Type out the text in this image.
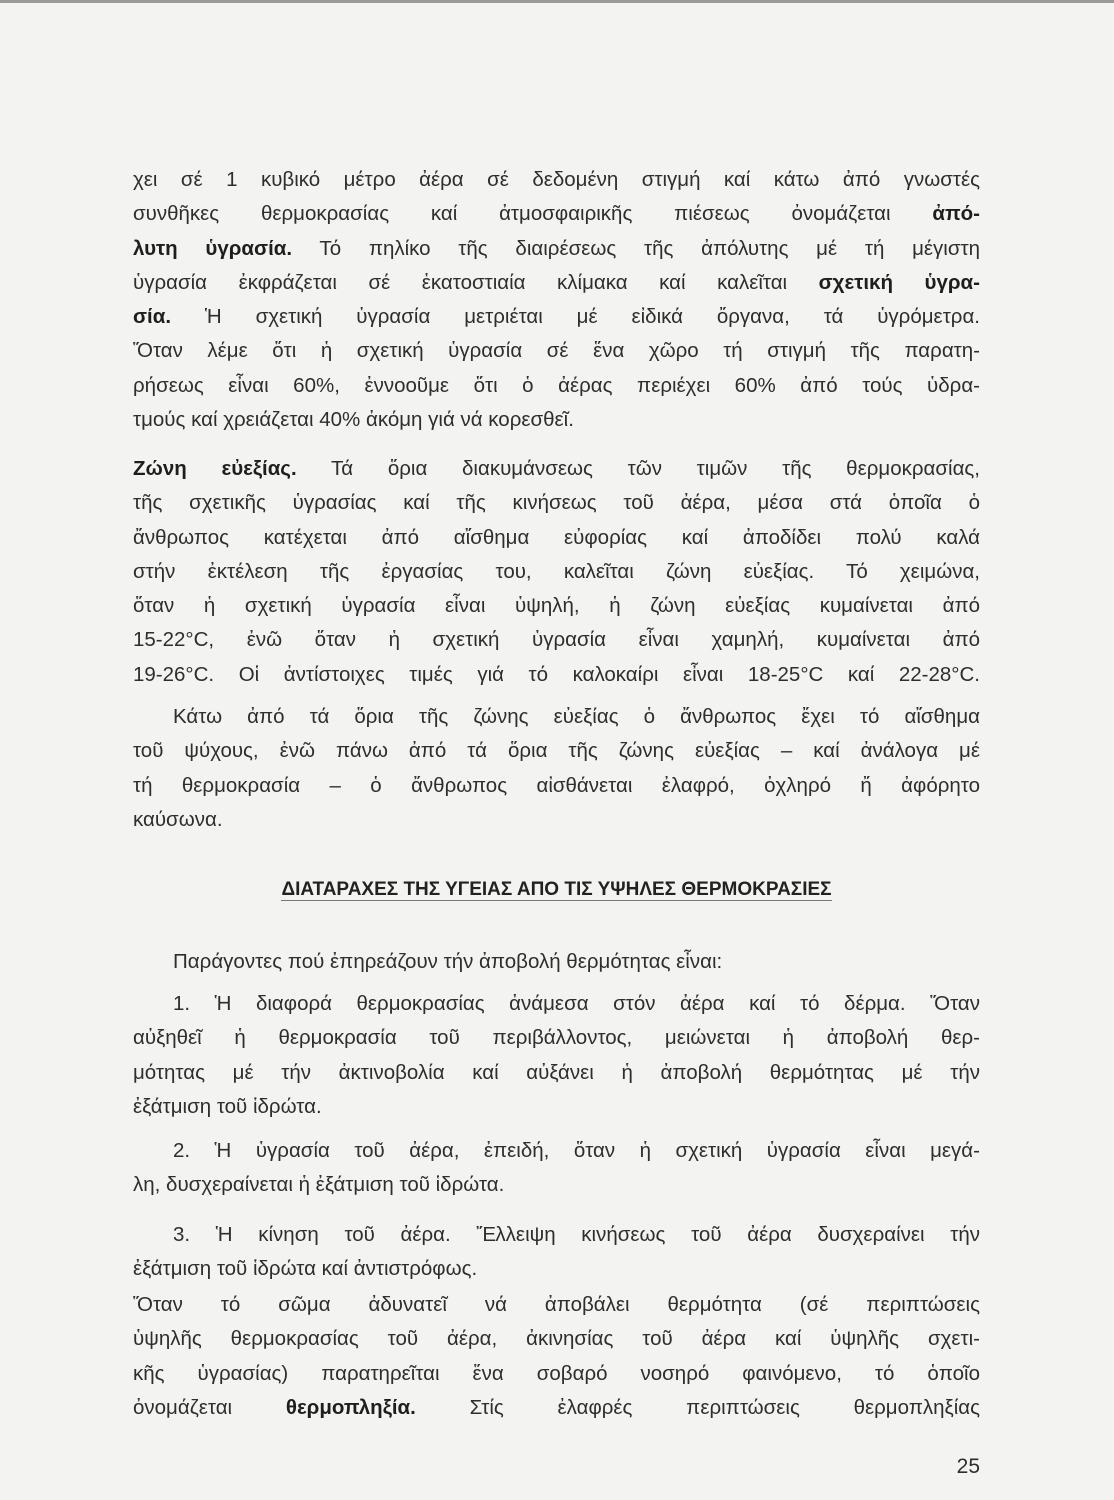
χει σέ 1 κυβικό μέτρο ἀέρα σέ δεδομένη στιγμή καί κάτω ἀπό γνωστές
συνθῆκες θερμοκρασίας καί ἀτμοσφαιρικῆς πιέσεως ὀνομάζεται ἀπό-
λυτη ὑγρασία. Τό πηλίκο τῆς διαιρέσεως τῆς ἀπόλυτης μέ τή μέγιστη
ὑγρασία ἐκφράζεται σέ ἑκατοστιαία κλίμακα καί καλεῖται σχετική ὑγρα-
σία. Ἡ σχετική ὑγρασία μετριέται μέ εἰδικά ὄργανα, τά ὑγρόμετρα.
Ὅταν λέμε ὅτι ἡ σχετική ὑγρασία σέ ἕνα χῶρο τή στιγμή τῆς παρατη-
ρήσεως εἶναι 60%, ἐννοοῦμε ὅτι ὁ ἀέρας περιέχει 60% ἀπό τούς ὑδρα-
τμούς καί χρειάζεται 40% ἀκόμη γιά νά κορεσθεῖ.
Ζώνη εὐεξίας. Τά ὅρια διακυμάνσεως τῶν τιμῶν τῆς θερμοκρασίας,
τῆς σχετικῆς ὑγρασίας καί τῆς κινήσεως τοῦ ἀέρα, μέσα στά ὁποῖα ὁ
ἄνθρωπος κατέχεται ἀπό αἴσθημα εὐφορίας καί ἀποδίδει πολύ καλά
στήν ἐκτέλεση τῆς ἐργασίας του, καλεῖται ζώνη εὐεξίας. Τό χειμώνα,
ὅταν ἡ σχετική ὑγρασία εἶναι ὑψηλή, ἡ ζώνη εὐεξίας κυμαίνεται ἀπό
15-22°C, ἐνῶ ὅταν ἡ σχετική ὑγρασία εἶναι χαμηλή, κυμαίνεται ἀπό
19-26°C. Οἱ ἀντίστοιχες τιμές γιά τό καλοκαίρι εἶναι 18-25°C καί 22-28°C.
Κάτω ἀπό τά ὅρια τῆς ζώνης εὐεξίας ὁ ἄνθρωπος ἔχει τό αἴσθημα
τοῦ ψύχους, ἐνῶ πάνω ἀπό τά ὅρια τῆς ζώνης εὐεξίας – καί ἀνάλογα μέ
τή θερμοκρασία – ὁ ἄνθρωπος αἰσθάνεται ἐλαφρό, ὀχληρό ἤ ἀφόρητο
καύσωνα.
ΔΙΑΤΑΡΑΧΕΣ ΤΗΣ ΥΓΕΙΑΣ ΑΠΟ ΤΙΣ ΥΨΗΛΕΣ ΘΕΡΜΟΚΡΑΣΙΕΣ
Παράγοντες πού ἐπηρεάζουν τήν ἀποβολή θερμότητας εἶναι:
1. Ἡ διαφορά θερμοκρασίας ἀνάμεσα στόν ἀέρα καί τό δέρμα. Ὅταν
αὐξηθεῖ ἡ θερμοκρασία τοῦ περιβάλλοντος, μειώνεται ἡ ἀποβολή θερ-
μότητας μέ τήν ἀκτινοβολία καί αὐξάνει ἡ ἀποβολή θερμότητας μέ τήν
ἐξάτμιση τοῦ ἱδρώτα.
2. Ἡ ὑγρασία τοῦ ἀέρα, ἐπειδή, ὅταν ἡ σχετική ὑγρασία εἶναι μεγά-
λη, δυσχεραίνεται ἡ ἐξάτμιση τοῦ ἱδρώτα.
3. Ἡ κίνηση τοῦ ἀέρα. Ἔλλειψη κινήσεως τοῦ ἀέρα δυσχεραίνει τήν
ἐξάτμιση τοῦ ἱδρώτα καί ἀντιστρόφως.
Ὅταν τό σῶμα ἀδυνατεῖ νά ἀποβάλει θερμότητα (σέ περιπτώσεις
ὑψηλῆς θερμοκρασίας τοῦ ἀέρα, ἀκινησίας τοῦ ἀέρα καί ὑψηλῆς σχετι-
κῆς ὑγρασίας) παρατηρεῖται ἕνα σοβαρό νοσηρό φαινόμενο, τό ὁποῖο
ὀνομάζεται θερμοπληξία. Στίς ἐλαφρές περιπτώσεις θερμοπληξίας
25
